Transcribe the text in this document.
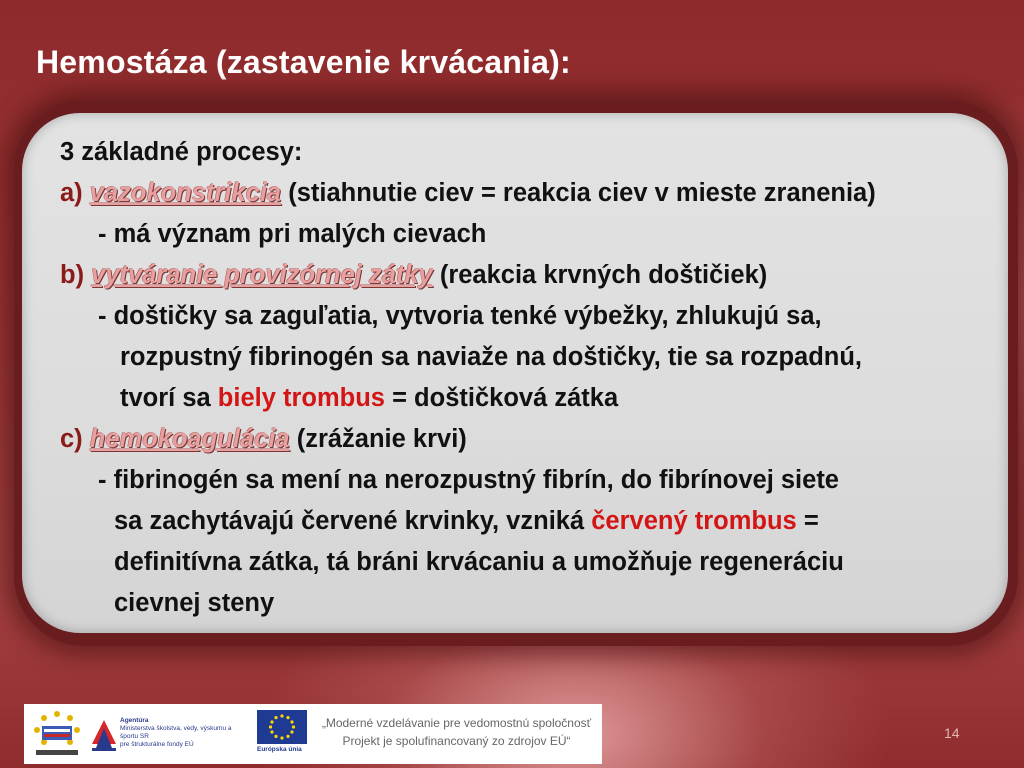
Hemostáza (zastavenie krvácania):
3 základné procesy:
a) vazokonstrikcia (stiahnutie ciev = reakcia ciev v mieste zranenia)
- má význam pri malých cievach
b) vytváranie provizórnej zátky (reakcia krvných doštičiek)
- doštičky sa zaguľatia, vytvoria tenké výbežky, zhlukujú sa,
rozpustný fibrinogén sa naviaže na doštičky, tie sa rozpadnú,
tvorí sa biely trombus = doštičková zátka
c) hemokoagulácia (zrážanie krvi)
- fibrinogén sa mení na nerozpustný fibrín, do fibrínovej siete
sa zachytávajú červené krvinky, vzniká červený trombus =
definitívna zátka, tá bráni krvácaniu a umožňuje regeneráciu
cievnej steny
Agentúra
Ministerstva školstva, vedy, výskumu a športu SR
pre štrukturálne fondy EÚ
Európska únia
„Moderné vzdelávanie pre vedomostnú spoločnosť
Projekt je spolufinancovaný zo zdrojov EÚ“	14
